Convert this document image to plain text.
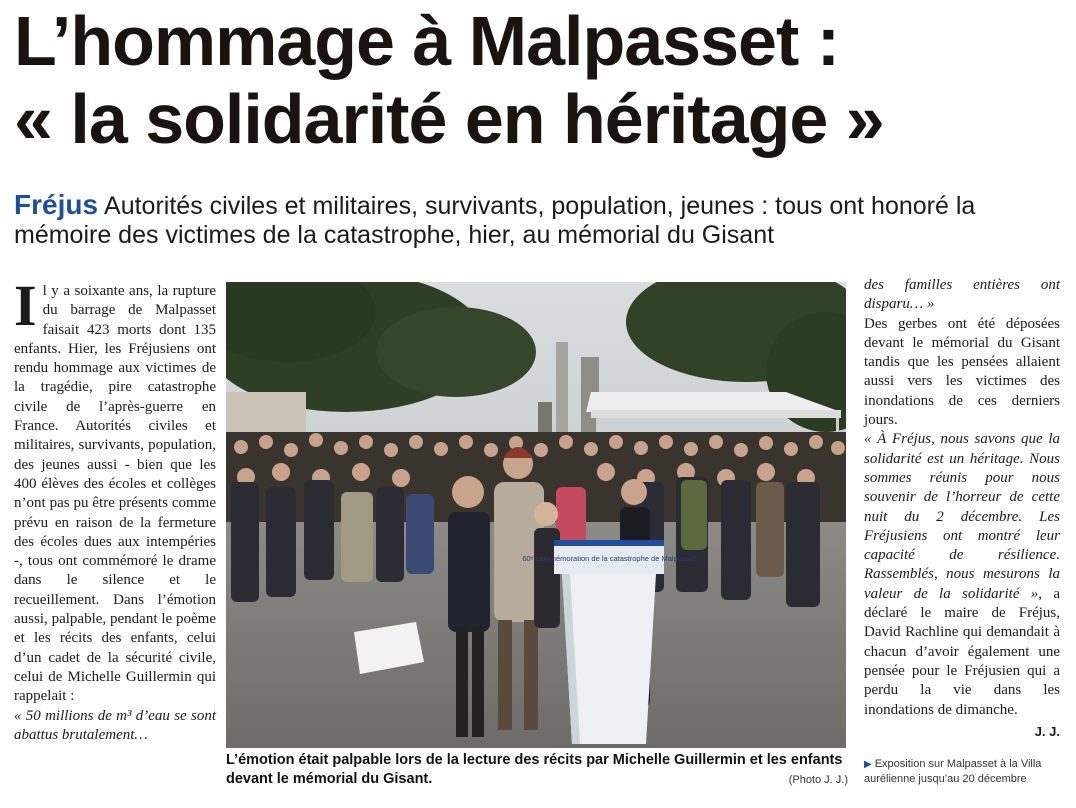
L’hommage à Malpasset :
« la solidarité en héritage »
Fréjus Autorités civiles et militaires, survivants, population, jeunes : tous ont honoré la mémoire des victimes de la catastrophe, hier, au mémorial du Gisant
I l y a soixante ans, la rupture du barrage de Malpasset faisait 423 morts dont 135 enfants. Hier, les Fréjusiens ont rendu hommage aux victimes de la tragédie, pire catastrophe civile de l’après-guerre en France. Autorités civiles et militaires, survivants, population, des jeunes aussi - bien que les 400 élèves des écoles et collèges n’ont pas pu être présents comme prévu en raison de la fermeture des écoles dues aux intempéries -, tous ont commémoré le drame dans le silence et le recueillement. Dans l’émotion aussi, palpable, pendant le poème et les récits des enfants, celui d’un cadet de la sécurité civile, celui de Michelle Guillermin qui rappelait :

« 50 millions de m³ d’eau se sont abattus brutalement…

60ᵉ commémoration de la catastrophe de Malpasset
L’émotion était palpable lors de la lecture des récits par Michelle Guillermin et les enfants devant le mémorial du Gisant.	(Photo J. J.)

des familles entières ont disparu… »

Des gerbes ont été déposées devant le mémorial du Gisant tandis que les pensées allaient aussi vers les victimes des inondations de ces derniers jours.

« À Fréjus, nous savons que la solidarité est un héritage. Nous sommes réunis pour nous souvenir de l’horreur de cette nuit du 2 décembre. Les Fréjusiens ont montré leur capacité de résilience. Rassemblés, nous mesurons la valeur de la solidarité », a déclaré le maire de Fréjus, David Rachline qui demandait à chacun d’avoir également une pensée pour le Fréjusien qui a perdu la vie dans les inondations de dimanche.

J. J.
▶ Exposition sur Malpasset à la Villa aurélienne jusqu’au 20 décembre
